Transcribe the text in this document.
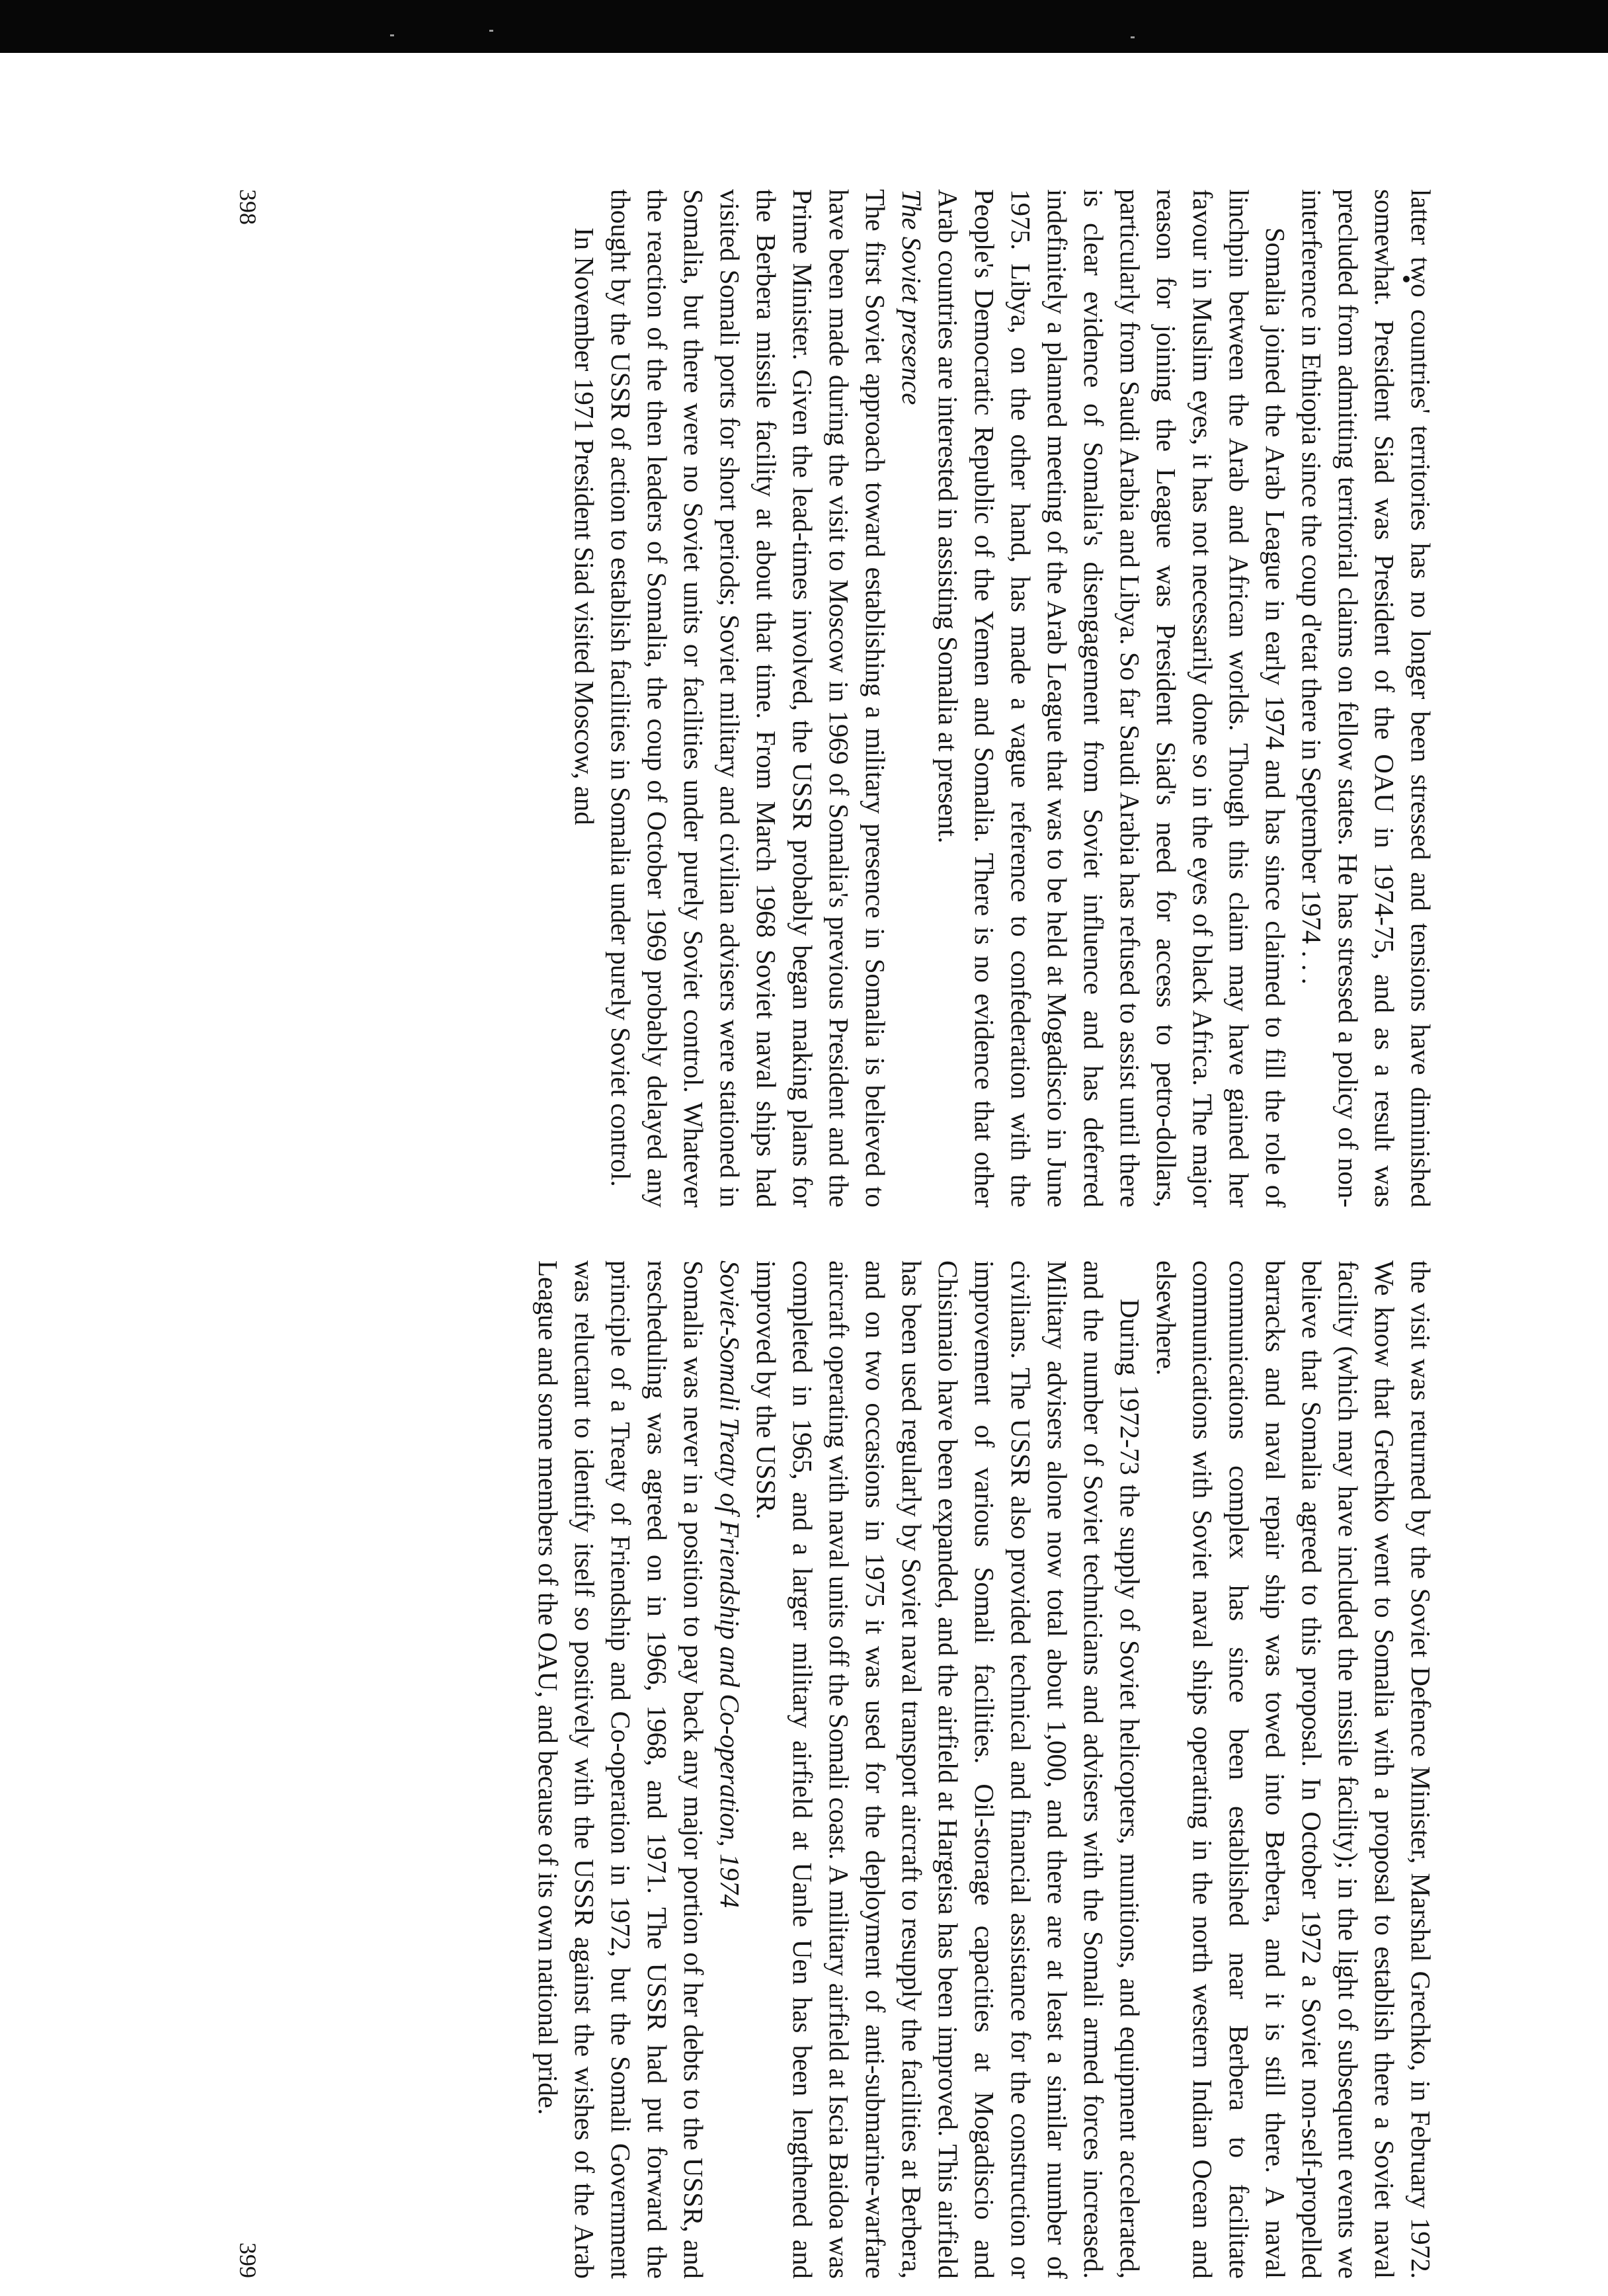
latter two countries' territories has no longer been stressed and tensions have diminished somewhat. President Siad was President of the OAU in 1974-75, and as a result was precluded from admitting territorial claims on fellow states. He has stressed a policy of non-interference in Ethiopia since the coup d'etat there in September 1974 . . .

Somalia joined the Arab League in early 1974 and has since claimed to fill the role of linchpin between the Arab and African worlds. Though this claim may have gained her favour in Muslim eyes, it has not necessarily done so in the eyes of black Africa. The major reason for joining the League was President Siad's need for access to petro-dollars, particularly from Saudi Arabia and Libya. So far Saudi Arabia has refused to assist until there is clear evidence of Somalia's disengagement from Soviet influence and has deferred indefinitely a planned meeting of the Arab League that was to be held at Mogadiscio in June 1975. Libya, on the other hand, has made a vague reference to confederation with the People's Democratic Republic of the Yemen and Somalia. There is no evidence that other Arab countries are interested in assisting Somalia at present.

The Soviet presence

The first Soviet approach toward establishing a military presence in Somalia is believed to have been made during the visit to Moscow in 1969 of Somalia's previous President and the Prime Minister. Given the lead-times involved, the USSR probably began making plans for the Berbera missile facility at about that time. From March 1968 Soviet naval ships had visited Somali ports for short periods; Soviet military and civilian advisers were stationed in Somalia, but there were no Soviet units or facilities under purely Soviet control. Whatever the reaction of the then leaders of Somalia, the coup of October 1969 probably delayed any thought by the USSR of action to establish facilities in Somalia under purely Soviet control.

In November 1971 President Siad visited Moscow, and

the visit was returned by the Soviet Defence Minister, Marshal Grechko, in February 1972. We know that Grechko went to Somalia with a proposal to establish there a Soviet naval facility (which may have included the missile facility); in the light of subsequent events we believe that Somalia agreed to this proposal. In October 1972 a Soviet non-self-propelled barracks and naval repair ship was towed into Berbera, and it is still there. A naval communications complex has since been established near Berbera to facilitate communications with Soviet naval ships operating in the north western Indian Ocean and elsewhere.

During 1972-73 the supply of Soviet helicopters, munitions, and equipment accelerated, and the number of Soviet technicians and advisers with the Somali armed forces increased. Military advisers alone now total about 1,000, and there are at least a similar number of civilians. The USSR also provided technical and financial assistance for the construction or improvement of various Somali facilities. Oil-storage capacities at Mogadiscio and Chisimaio have been expanded, and the airfield at Hargeisa has been improved. This airfield has been used regularly by Soviet naval transport aircraft to resupply the facilities at Berbera, and on two occasions in 1975 it was used for the deployment of anti-submarine-warfare aircraft operating with naval units off the Somali coast. A military airfield at Iscia Baidoa was completed in 1965, and a larger military airfield at Uanle Uen has been lengthened and improved by the USSR.

Soviet-Somali Treaty of Friendship and Co-operation, 1974

Somalia was never in a position to pay back any major portion of her debts to the USSR, and rescheduling was agreed on in 1966, 1968, and 1971. The USSR had put forward the principle of a Treaty of Friendship and Co-operation in 1972, but the Somali Government was reluctant to identify itself so positively with the USSR against the wishes of the Arab League and some members of the OAU, and because of its own national pride.

398
399
